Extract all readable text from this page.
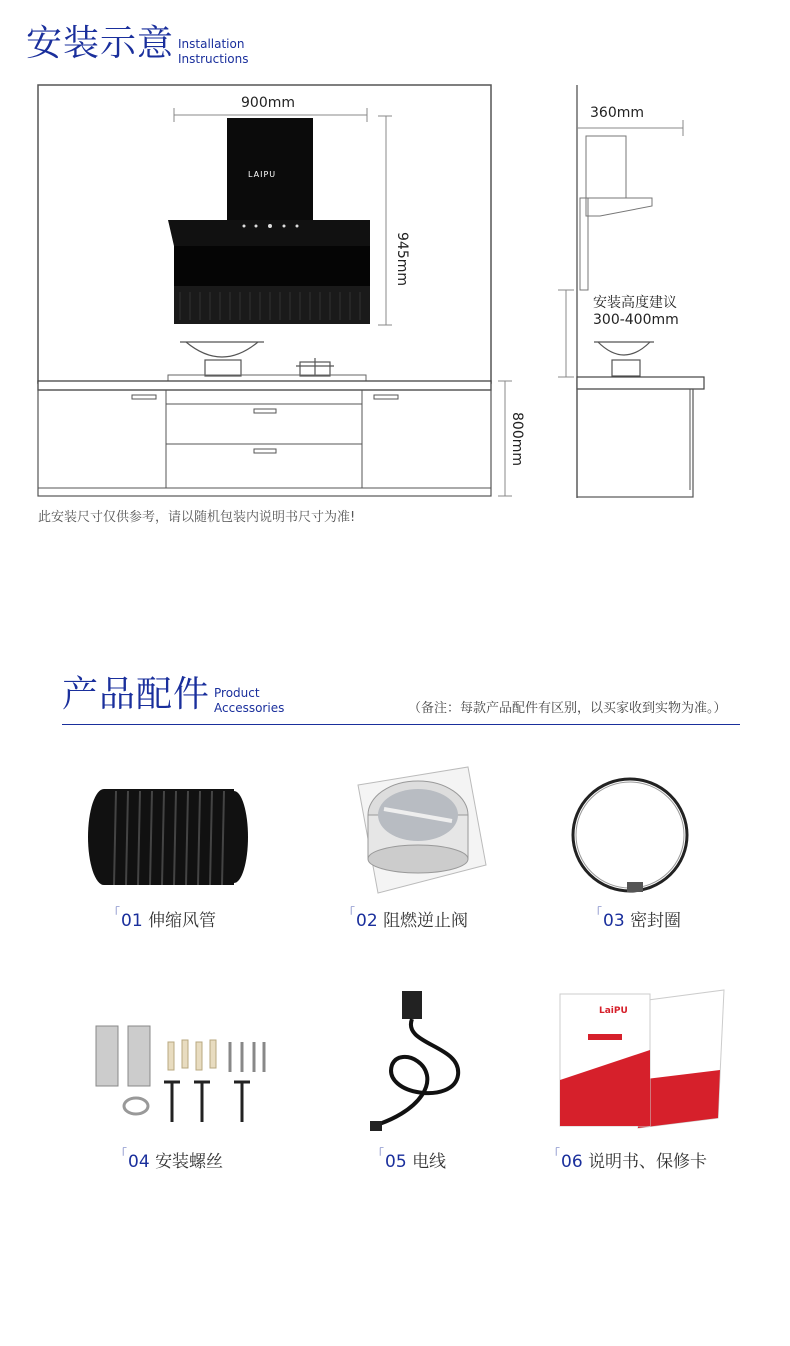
安装示意 Installation
Instructions
900mm
945mm
800mm
360mm
安装高度建议
300-400mm
LAIPU
此安装尺寸仅供参考，请以随机包装内说明书尺寸为准!
产品配件 Product
Accessories	（备注：每款产品配件有区别，以买家收到实物为准。）
LaiPU
「01 伸缩风管	「02 阻燃逆止阀	「03 密封圈
「04 安装螺丝	「05 电线	「06 说明书、保修卡
